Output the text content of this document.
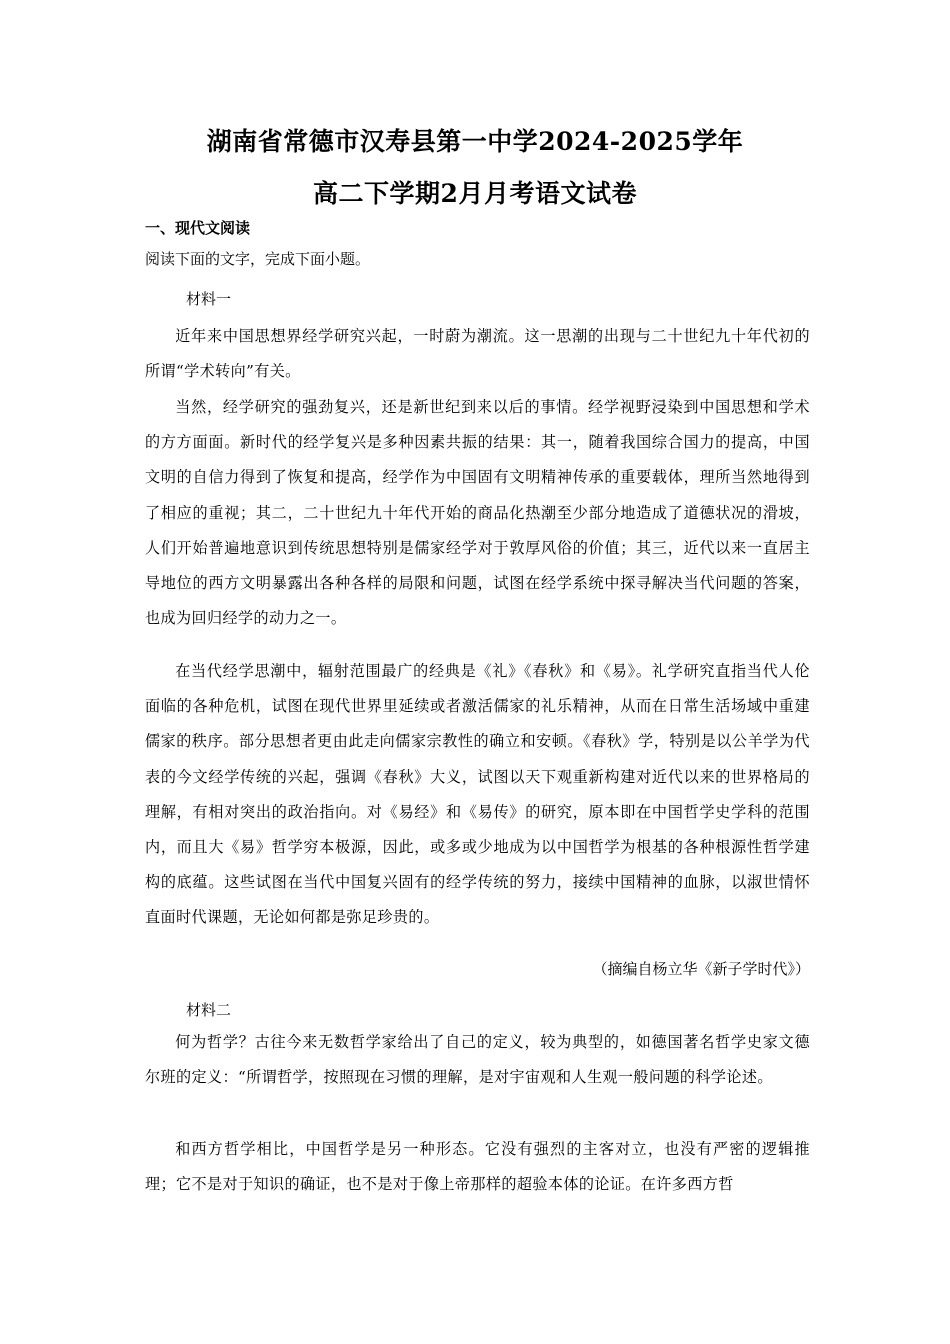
湖南省常德市汉寿县第一中学2024-2025学年
高二下学期2月月考语文试卷
一、现代文阅读
阅读下面的文字，完成下面小题。
材料一

近年来中国思想界经学研究兴起，一时蔚为潮流。这一思潮的出现与二十世纪九十年代初的所谓“学术转向”有关。

当然，经学研究的强劲复兴，还是新世纪到来以后的事情。经学视野浸染到中国思想和学术的方方面面。新时代的经学复兴是多种因素共振的结果：其一，随着我国综合国力的提高，中国文明的自信力得到了恢复和提高，经学作为中国固有文明精神传承的重要载体，理所当然地得到了相应的重视；其二，二十世纪九十年代开始的商品化热潮至少部分地造成了道德状况的滑坡，人们开始普遍地意识到传统思想特别是儒家经学对于敦厚风俗的价值；其三，近代以来一直居主导地位的西方文明暴露出各种各样的局限和问题，试图在经学系统中探寻解决当代问题的答案，也成为回归经学的动力之一。

在当代经学思潮中，辐射范围最广的经典是《礼》《春秋》和《易》。礼学研究直指当代人伦面临的各种危机，试图在现代世界里延续或者激活儒家的礼乐精神，从而在日常生活场域中重建儒家的秩序。部分思想者更由此走向儒家宗教性的确立和安顿。《春秋》学，特别是以公羊学为代表的今文经学传统的兴起，强调《春秋》大义，试图以天下观重新构建对近代以来的世界格局的理解，有相对突出的政治指向。对《易经》和《易传》的研究，原本即在中国哲学史学科的范围内，而且大《易》哲学穷本极源，因此，或多或少地成为以中国哲学为根基的各种根源性哲学建构的底蕴。这些试图在当代中国复兴固有的经学传统的努力，接续中国精神的血脉，以淑世情怀直面时代课题，无论如何都是弥足珍贵的。

（摘编自杨立华《新子学时代》）
材料二

何为哲学？古往今来无数哲学家给出了自己的定义，较为典型的，如德国著名哲学史家文德尔班的定义：“所谓哲学，按照现在习惯的理解，是对宇宙观和人生观一般问题的科学论述。

和西方哲学相比，中国哲学是另一种形态。它没有强烈的主客对立，也没有严密的逻辑推理；它不是对于知识的确证，也不是对于像上帝那样的超验本体的论证。在许多西方哲
